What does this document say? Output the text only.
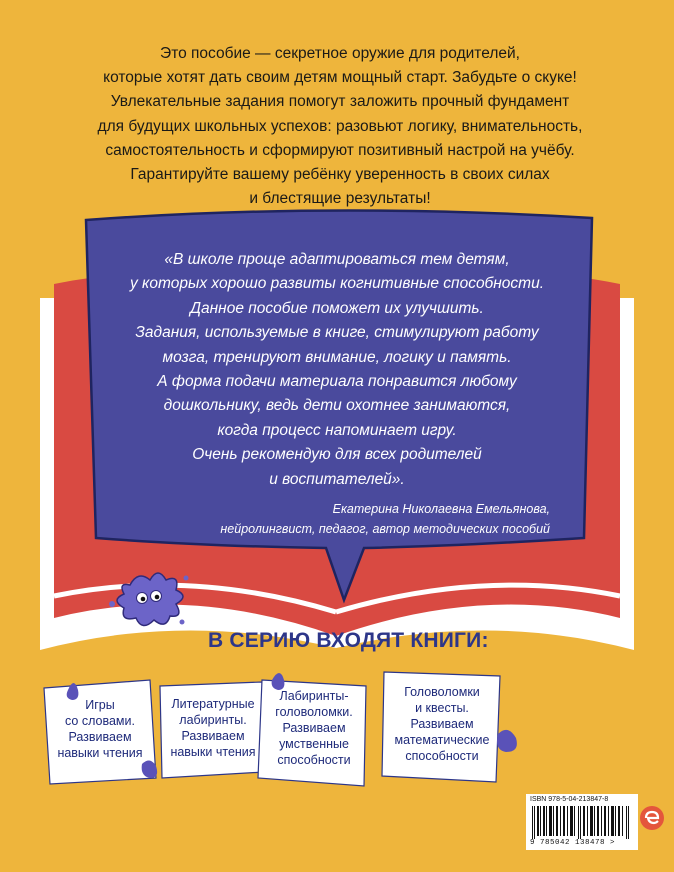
Это пособие — секретное оружие для родителей,
которые хотят дать своим детям мощный старт. Забудьте о скуке!
Увлекательные задания помогут заложить прочный фундамент
для будущих школьных успехов: разовьют логику, внимательность,
самостоятельность и сформируют позитивный настрой на учёбу.
Гарантируйте вашему ребёнку уверенность в своих силах
и блестящие результаты!
«В школе проще адаптироваться тем детям,
у которых хорошо развиты когнитивные способности.
Данное пособие поможет их улучшить.
Задания, используемые в книге, стимулируют работу
мозга, тренируют внимание, логику и память.
А форма подачи материала понравится любому
дошкольнику, ведь дети охотнее занимаются,
когда процесс напоминает игру.
Очень рекомендую для всех родителей
и воспитателей».
Екатерина Николаевна Емельянова,
нейролингвист, педагог, автор методических пособий
В СЕРИЮ ВХОДЯТ КНИГИ:
Игры
со словами.
Развиваем
навыки чтения
Литературные
лабиринты.
Развиваем
навыки чтения
Лабиринты-
головоломки.
Развиваем
умственные
способности
Головоломки
и квесты.
Развиваем
математические
способности
ISBN 978-5-04-213847-8
9 785042 138478 >
